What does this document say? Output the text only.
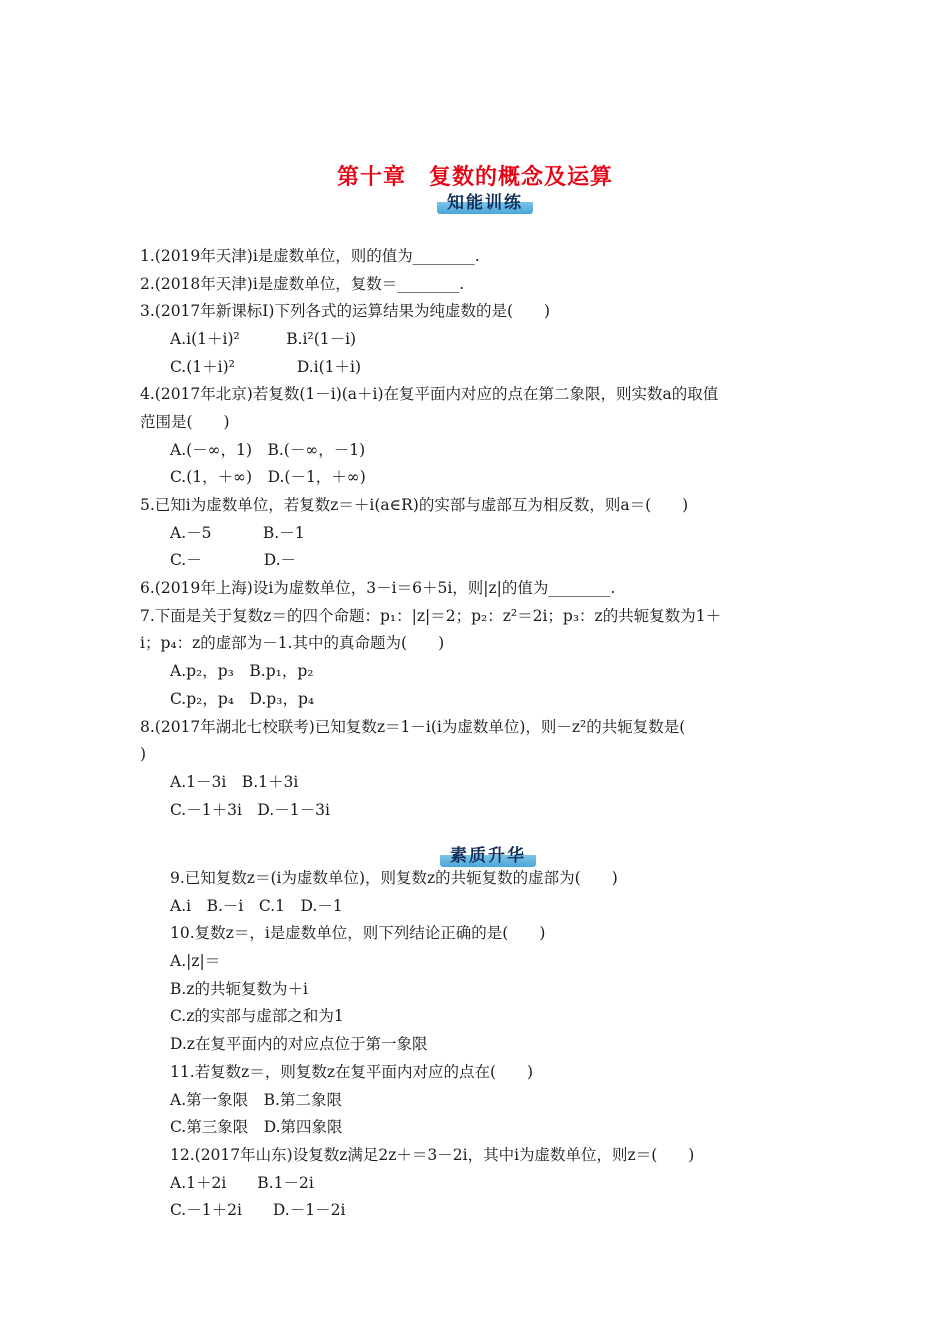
第十章　复数的概念及运算
知能训练
1.(2019年天津)i是虚数单位，则的值为________.
2.(2018年天津)i是虚数单位，复数＝________.
3.(2017年新课标Ⅰ)下列各式的运算结果为纯虚数的是(　　)
A.i(1＋i)²　　　B.i²(1－i)
C.(1＋i)²　　　　D.i(1＋i)
4.(2017年北京)若复数(1－i)(a＋i)在复平面内对应的点在第二象限，则实数a的取值
范围是(　　)
A.(－∞，1)　B.(－∞，－1)
C.(1，＋∞)　D.(－1，＋∞)
5.已知i为虚数单位，若复数z＝＋i(a∈R)的实部与虚部互为相反数，则a＝(　　)
A.－5　　　 B.－1
C.－　　　　D.－
6.(2019年上海)设i为虚数单位，3－i＝6＋5i，则|z|的值为________.
7.下面是关于复数z＝的四个命题：p₁：|z|＝2；p₂：z²＝2i；p₃：z的共轭复数为1＋
i；p₄：z的虚部为－1.其中的真命题为(　　)
A.p₂，p₃　B.p₁，p₂
C.p₂，p₄　D.p₃，p₄
8.(2017年湖北七校联考)已知复数z＝1－i(i为虚数单位)，则－z²的共轭复数是(
)
A.1－3i　B.1＋3i
C.－1＋3i　D.－1－3i
素质升华
9.已知复数z＝(i为虚数单位)，则复数z的共轭复数的虚部为(　　)
A.i　B.－i　C.1　D.－1
10.复数z＝，i是虚数单位，则下列结论正确的是(　　)
A.|z|＝
B.z的共轭复数为＋i
C.z的实部与虚部之和为1
D.z在复平面内的对应点位于第一象限
11.若复数z＝，则复数z在复平面内对应的点在(　　)
A.第一象限　B.第二象限
C.第三象限　D.第四象限
12.(2017年山东)设复数z满足2z＋＝3－2i，其中i为虚数单位，则z＝(　　)
A.1＋2i　　B.1－2i
C.－1＋2i　　D.－1－2i
